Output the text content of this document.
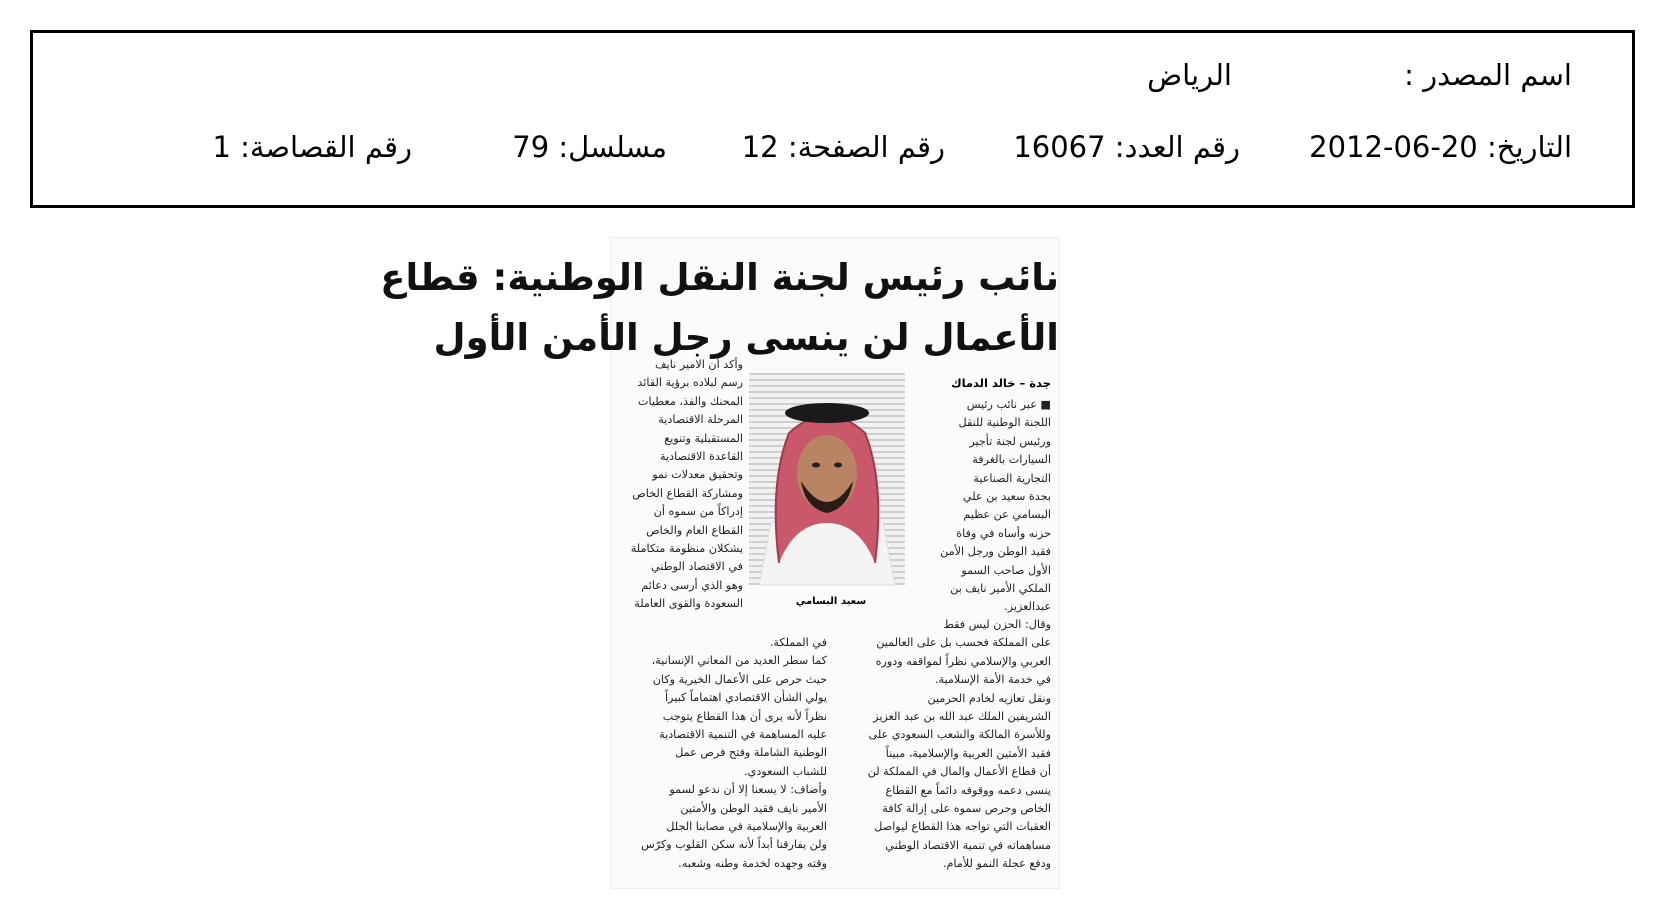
اسم المصدر :
الرياض
التاريخ: 20-06-2012
رقم العدد: 16067
رقم الصفحة: 12
مسلسل: 79
رقم القصاصة: 1
نائب رئيس لجنة النقل الوطنية: قطاع
الأعمال لن ينسى رجل الأمن الأول
جدة – خالد الدماك
سعيد البسامي
■ عبر نائب رئيس
اللجنة الوطنية للنقل
ورئيس لجنة تأجير
السيارات بالغرفة
التجارية الصناعية
بجدة سعيد بن علي
البسامي عن عظيم
حزنه وأساه في وفاة
فقيد الوطن ورجل الأمن
الأول صاحب السمو
الملكي الأمير نايف بن
عبدالعزيز.
وأكد أن الامير نايف
رسم لبلاده برؤية القائد
المحنك والفذ، معطيات
المرحلة الاقتصادية
المستقبلية وتنويع
القاعدة الاقتصادية
وتحقيق معدلات نمو
ومشاركة القطاع الخاص
إدراكاً من سموه أن
القطاع العام والخاص
يشكلان منظومة متكاملة
في الاقتصاد الوطني
وهو الذي أرسى دعائم
السعودة والقوى العاملة
وقال: الحزن ليس فقط
على المملكة فحسب بل على العالمين
العربي والإسلامي نظراً لمواقفه ودوره
في خدمة الأمة الإسلامية.
ونقل تعازيه لخادم الحرمين
الشريفين الملك عبد الله بن عبد العزيز
وللأسرة المالكة والشعب السعودي على
فقيد الأمتين العربية والإسلامية، مبيناً
أن قطاع الأعمال والمال في المملكة لن
ينسى دعمه ووقوفه دائماً مع القطاع
الخاص وحرص سموه على إزالة كافة
العقبات التي تواجه هذا القطاع ليواصل
مساهماته في تنمية الاقتصاد الوطني
ودفع عجلة النمو للأمام.
في المملكة.
كما سطر العديد من المعاني الإنسانية،
حيث حرص على الأعمال الخيرية وكان
يولي الشأن الاقتصادي اهتماماً كبيراً
نظراً لأنه يرى أن هذا القطاع يتوجب
عليه المساهمة في التنمية الاقتصادية
الوطنية الشاملة وفتح فرص عمل
للشباب السعودي.
وأضاف: لا يسعنا إلا أن ندعو لسمو
الأمير نايف فقيد الوطن والأمتين
العربية والإسلامية في مصابنا الجلل
ولن يفارقنا أبداً لأنه سكن القلوب وكرّس
وقته وجهده لخدمة وطنه وشعبه.
